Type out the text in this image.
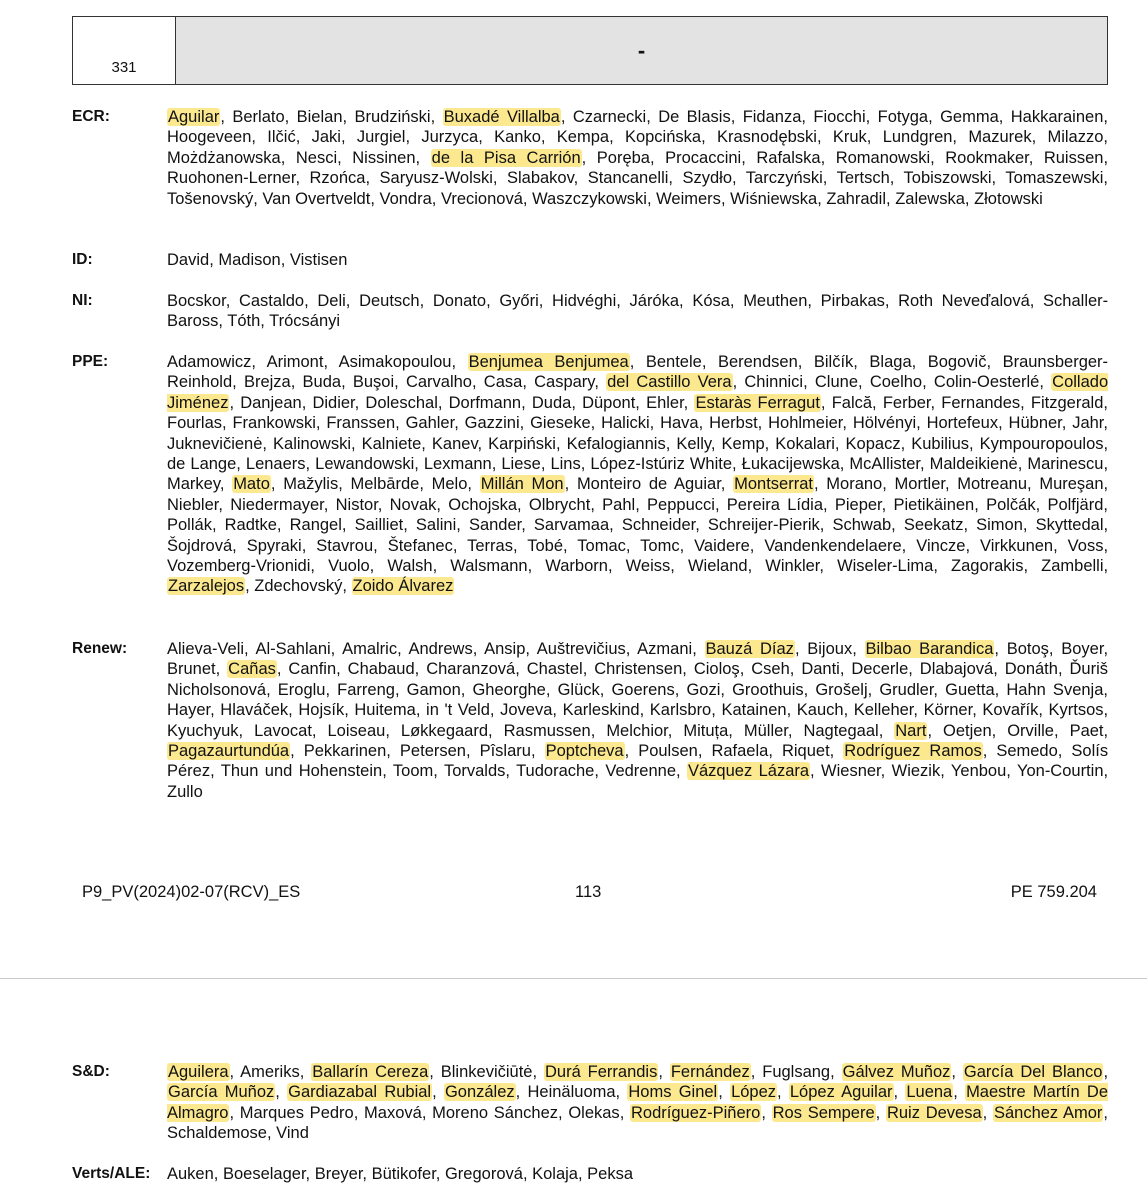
331
-
ECR:	Aguilar, Berlato, Bielan, Brudziński, Buxadé Villalba, Czarnecki, De Blasis, Fidanza, Fiocchi, Fotyga, Gemma, Hakkarainen, Hoogeveen, Ilčić, Jaki, Jurgiel, Jurzyca, Kanko, Kempa, Kopcińska, Krasnodębski, Kruk, Lundgren, Mazurek, Milazzo, Możdżanowska, Nesci, Nissinen, de la Pisa Carrión, Poręba, Procaccini, Rafalska, Romanowski, Rookmaker, Ruissen, Ruohonen-Lerner, Rzońca, Saryusz-Wolski, Slabakov, Stancanelli, Szydło, Tarczyński, Tertsch, Tobiszowski, Tomaszewski, Tošenovský, Van Overtveldt, Vondra, Vrecionová, Waszczykowski, Weimers, Wiśniewska, Zahradil, Zalewska, Złotowski
ID:	David, Madison, Vistisen
NI:	Bocskor, Castaldo, Deli, Deutsch, Donato, Győri, Hidvéghi, Járóka, Kósa, Meuthen, Pirbakas, Roth Neveďalová, Schaller-Baross, Tóth, Trócsányi
PPE:	Adamowicz, Arimont, Asimakopoulou, Benjumea Benjumea, Bentele, Berendsen, Bilčík, Blaga, Bogovič, Braunsberger-Reinhold, Brejza, Buda, Buşoi, Carvalho, Casa, Caspary, del Castillo Vera, Chinnici, Clune, Coelho, Colin-Oesterlé, Collado Jiménez, Danjean, Didier, Doleschal, Dorfmann, Duda, Düpont, Ehler, Estaràs Ferragut, Falcă, Ferber, Fernandes, Fitzgerald, Fourlas, Frankowski, Franssen, Gahler, Gazzini, Gieseke, Halicki, Hava, Herbst, Hohlmeier, Hölvényi, Hortefeux, Hübner, Jahr, Juknevičienė, Kalinowski, Kalniete, Kanev, Karpiński, Kefalogiannis, Kelly, Kemp, Kokalari, Kopacz, Kubilius, Kympouropoulos, de Lange, Lenaers, Lewandowski, Lexmann, Liese, Lins, López-Istúriz White, Łukacijewska, McAllister, Maldeikienė, Marinescu, Markey, Mato, Mažylis, Melbārde, Melo, Millán Mon, Monteiro de Aguiar, Montserrat, Morano, Mortler, Motreanu, Mureşan, Niebler, Niedermayer, Nistor, Novak, Ochojska, Olbrycht, Pahl, Peppucci, Pereira Lídia, Pieper, Pietikäinen, Polčák, Polfjärd, Pollák, Radtke, Rangel, Sailliet, Salini, Sander, Sarvamaa, Schneider, Schreijer-Pierik, Schwab, Seekatz, Simon, Skyttedal, Šojdrová, Spyraki, Stavrou, Štefanec, Terras, Tobé, Tomac, Tomc, Vaidere, Vandenkendelaere, Vincze, Virkkunen, Voss, Vozemberg-Vrionidi, Vuolo, Walsh, Walsmann, Warborn, Weiss, Wieland, Winkler, Wiseler-Lima, Zagorakis, Zambelli, Zarzalejos, Zdechovský, Zoido Álvarez
Renew:	Alieva-Veli, Al-Sahlani, Amalric, Andrews, Ansip, Auštrevičius, Azmani, Bauzá Díaz, Bijoux, Bilbao Barandica, Botoş, Boyer, Brunet, Cañas, Canfin, Chabaud, Charanzová, Chastel, Christensen, Cioloş, Cseh, Danti, Decerle, Dlabajová, Donáth, Ďuriš Nicholsonová, Eroglu, Farreng, Gamon, Gheorghe, Glück, Goerens, Gozi, Groothuis, Grošelj, Grudler, Guetta, Hahn Svenja, Hayer, Hlaváček, Hojsík, Huitema, in 't Veld, Joveva, Karleskind, Karlsbro, Katainen, Kauch, Kelleher, Körner, Kovařík, Kyrtsos, Kyuchyuk, Lavocat, Loiseau, Løkkegaard, Rasmussen, Melchior, Mituța, Müller, Nagtegaal, Nart, Oetjen, Orville, Paet, Pagazaurtundúa, Pekkarinen, Petersen, Pîslaru, Poptcheva, Poulsen, Rafaela, Riquet, Rodríguez Ramos, Semedo, Solís Pérez, Thun und Hohenstein, Toom, Torvalds, Tudorache, Vedrenne, Vázquez Lázara, Wiesner, Wiezik, Yenbou, Yon-Courtin, Zullo
P9_PV(2024)02-07(RCV)_ES	113	PE 759.204
S&D:	Aguilera, Ameriks, Ballarín Cereza, Blinkevičiūtė, Durá Ferrandis, Fernández, Fuglsang, Gálvez Muñoz, García Del Blanco, García Muñoz, Gardiazabal Rubial, González, Heinäluoma, Homs Ginel, López, López Aguilar, Luena, Maestre Martín De Almagro, Marques Pedro, Maxová, Moreno Sánchez, Olekas, Rodríguez-Piñero, Ros Sempere, Ruiz Devesa, Sánchez Amor, Schaldemose, Vind
Verts/ALE:	Auken, Boeselager, Breyer, Bütikofer, Gregorová, Kolaja, Peksa
